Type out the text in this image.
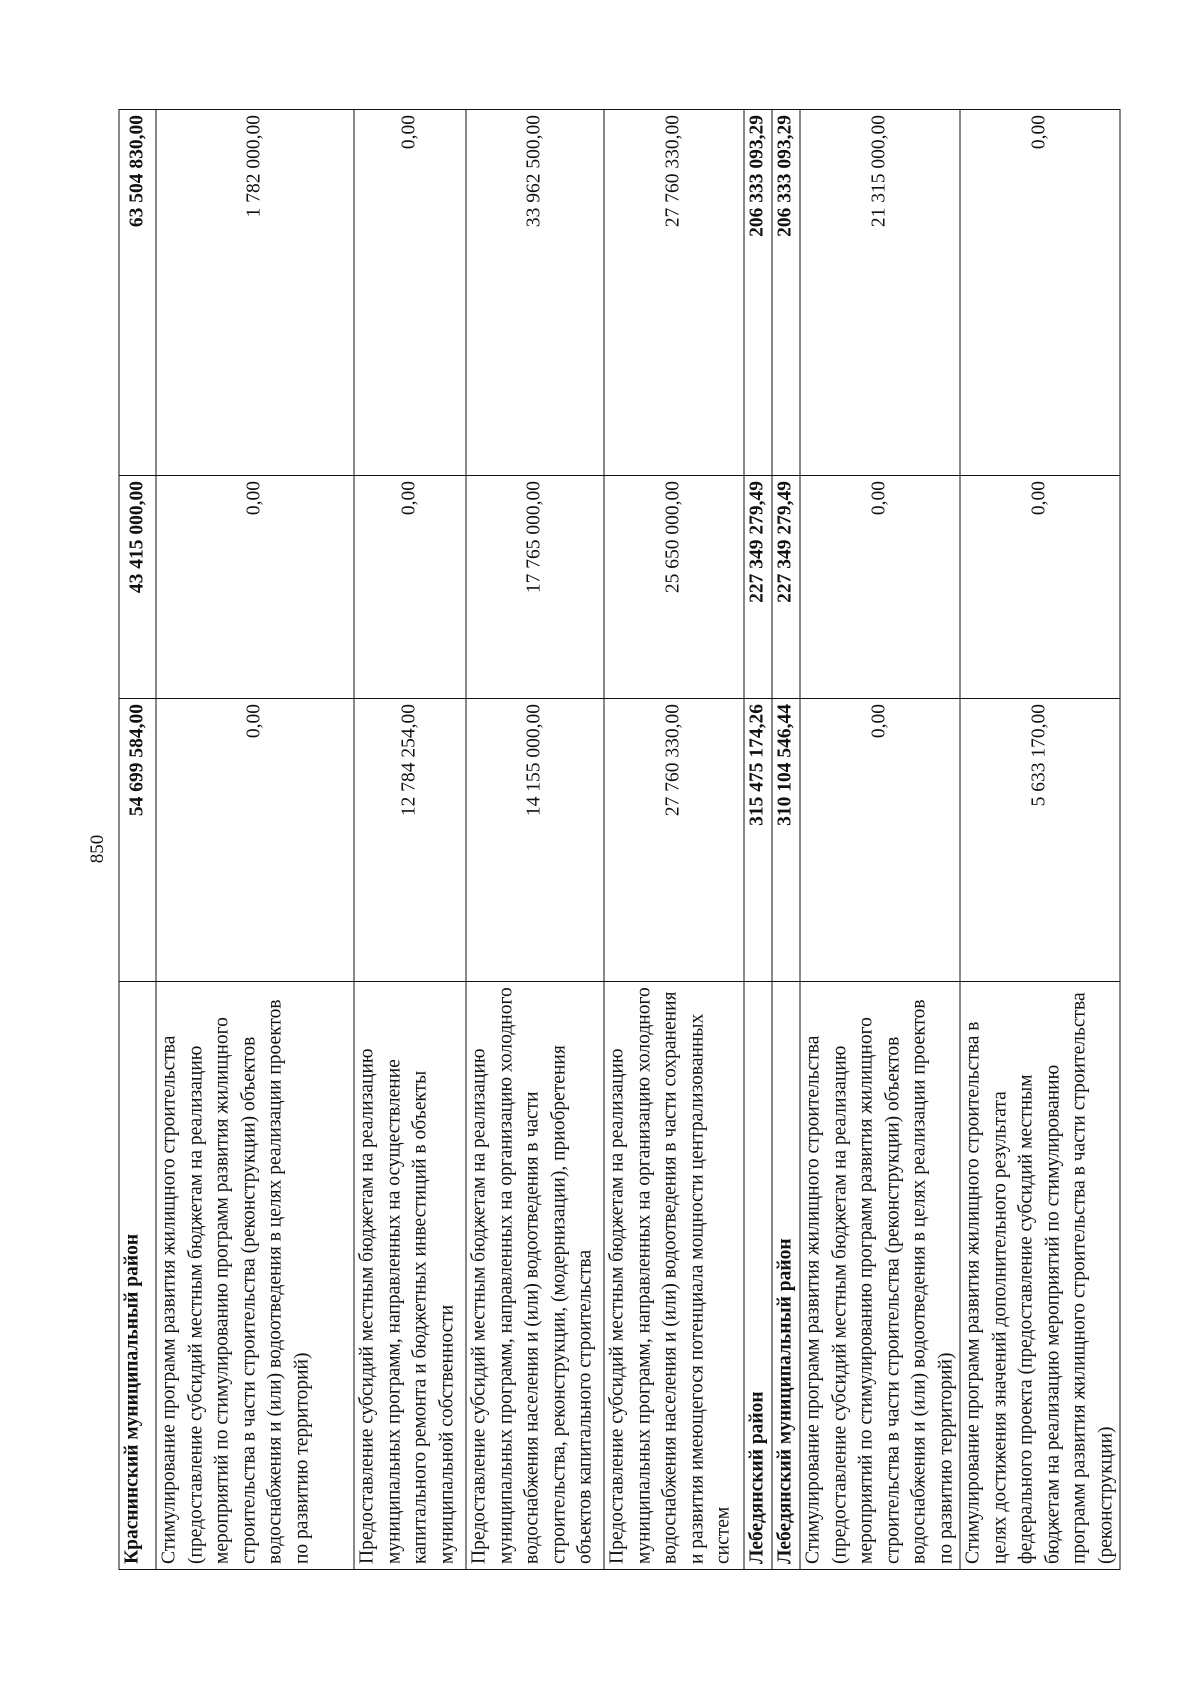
850
Краснинский муниципальный район	54 699 584,00	43 415 000,00	63 504 830,00
Стимулирование программ развития жилищного строительства (предоставление субсидий местным бюджетам на реализацию мероприятий по стимулированию программ развития жилищного строительства в части строительства (реконструкции) объектов водоснабжения и (или) водоотведения в целях реализации проектов по развитию территорий)	0,00	0,00	1 782 000,00
Предоставление субсидий местным бюджетам на реализацию муниципальных программ, направленных на осуществление капитального ремонта и бюджетных инвестиций в объекты муниципальной собственности	12 784 254,00	0,00	0,00
Предоставление субсидий местным бюджетам на реализацию муниципальных программ, направленных на организацию холодного водоснабжения населения и (или) водоотведения в части строительства, реконструкции, (модернизации), приобретения объектов капитального строительства	14 155 000,00	17 765 000,00	33 962 500,00
Предоставление субсидий местным бюджетам на реализацию муниципальных программ, направленных на организацию холодного водоснабжения населения и (или) водоотведения в части сохранения и развития имеющегося потенциала мощности централизованных систем	27 760 330,00	25 650 000,00	27 760 330,00
Лебедянский район	315 475 174,26	227 349 279,49	206 333 093,29
Лебедянский муниципальный район	310 104 546,44	227 349 279,49	206 333 093,29
Стимулирование программ развития жилищного строительства (предоставление субсидий местным бюджетам на реализацию мероприятий по стимулированию программ развития жилищного строительства в части строительства (реконструкции) объектов водоснабжения и (или) водоотведения в целях реализации проектов по развитию территорий)	0,00	0,00	21 315 000,00
Стимулирование программ развития жилищного строительства в целях достижения значений дополнительного результата федерального проекта (предоставление субсидий местным бюджетам на реализацию мероприятий по стимулированию программ развития жилищного строительства в части строительства (реконструкции)	5 633 170,00	0,00	0,00
